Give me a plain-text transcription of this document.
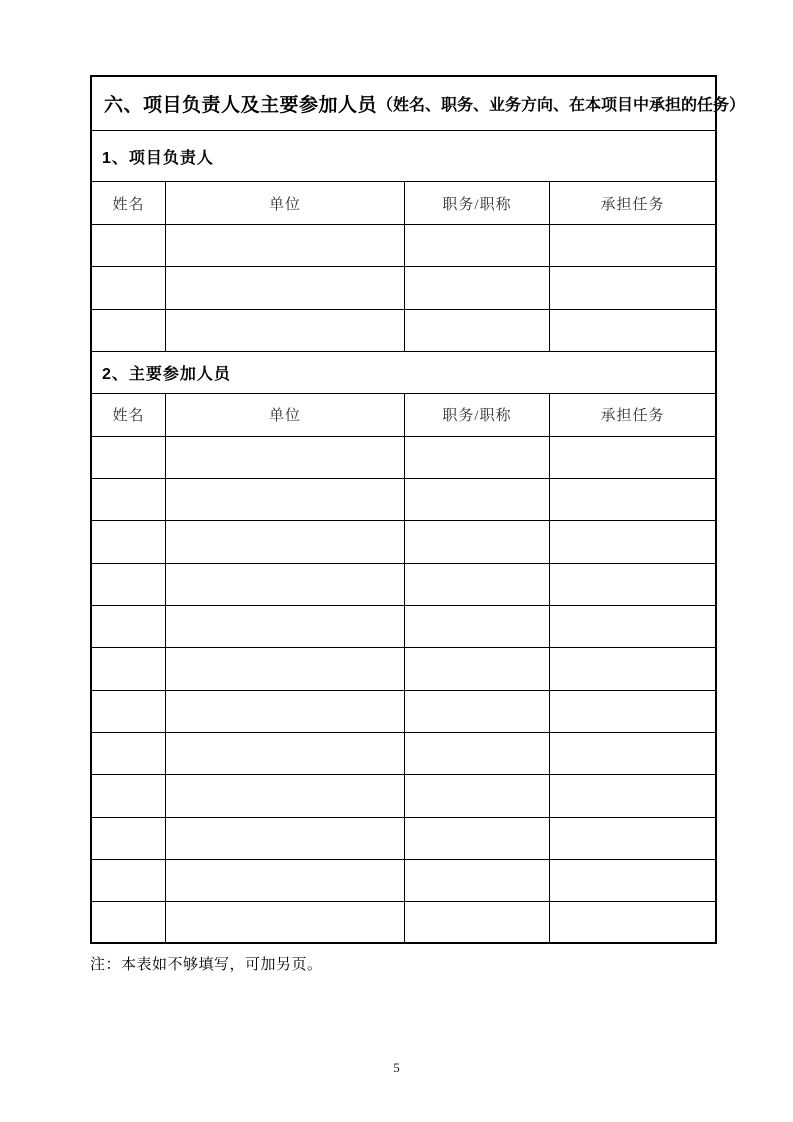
六、项目负责人及主要参加人员 （姓名、职务、业务方向、在本项目中承担的任务）
1、项目负责人
姓名	单位	职务/职称	承担任务
2、主要参加人员
姓名	单位	职务/职称	承担任务
注：本表如不够填写，可加另页。
5
